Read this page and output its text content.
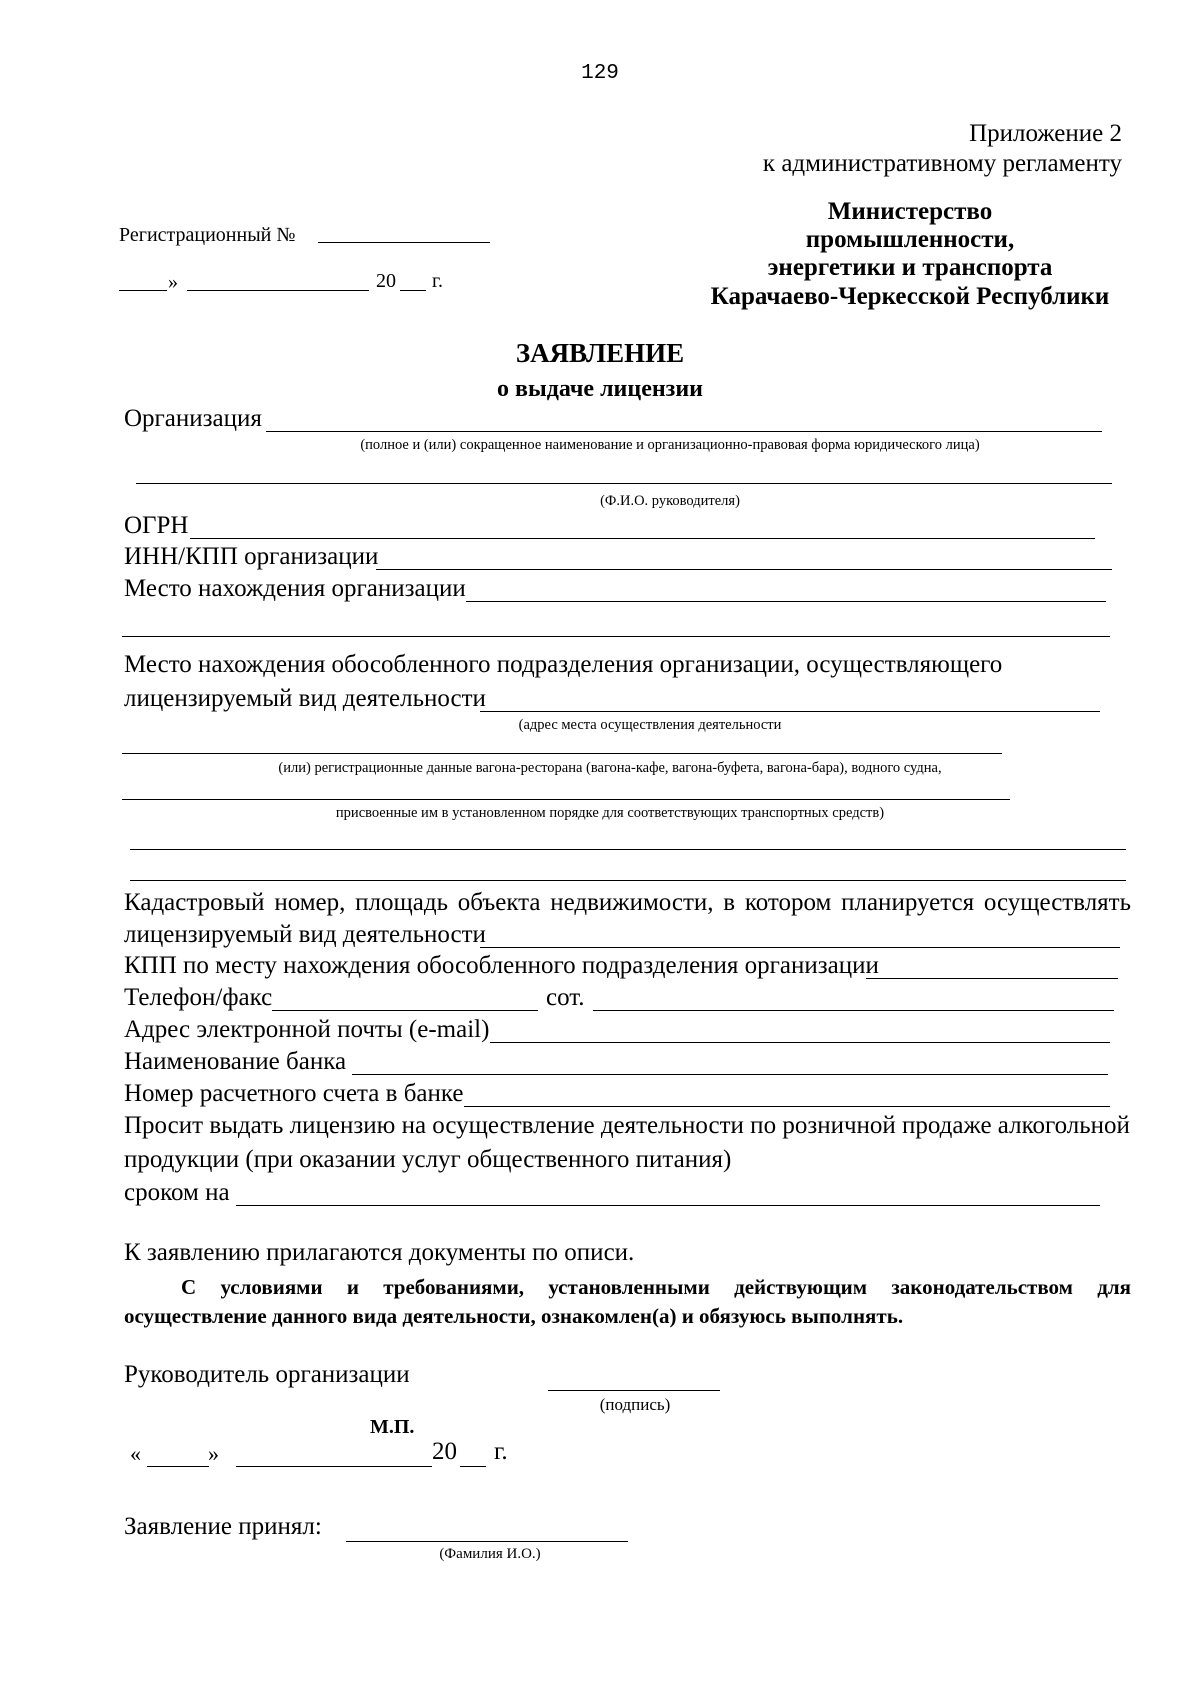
129
Приложение 2
к административному регламенту
Регистрационный №
»	20 г.
Министерство
промышленности,
энергетики и транспорта
Карачаево-Черкесской Республики
ЗАЯВЛЕНИЕ
о выдаче лицензии
Организация
(полное и (или) сокращенное наименование и организационно-правовая форма юридического лица)
(Ф.И.О. руководителя)
ОГРН
ИНН/КПП организации
Место нахождения организации
Место нахождения обособленного подразделения организации, осуществляющего
лицензируемый вид деятельности
(адрес места осуществления деятельности
(или) регистрационные данные вагона-ресторана (вагона-кафе, вагона-буфета, вагона-бара), водного судна,
присвоенные им в установленном порядке для соответствующих транспортных средств)
Кадастровый номер, площадь объекта недвижимости, в котором планируется осуществлять
лицензируемый вид деятельности
КПП по месту нахождения обособленного подразделения организации
Телефон/факс	сот.
Адрес электронной почты (e-mail)
Наименование банка
Номер расчетного счета в банке
Просит выдать лицензию на осуществление деятельности по розничной продаже алкогольной
продукции (при оказании услуг общественного питания)
сроком на
К заявлению прилагаются документы по описи.
С условиями и требованиями, установленными действующим законодательством для
осуществление данного вида деятельности, ознакомлен(а) и обязуюсь выполнять.
Руководитель организации
(подпись)
М.П.
«	»	20 г.
Заявление принял:
(Фамилия И.О.)
